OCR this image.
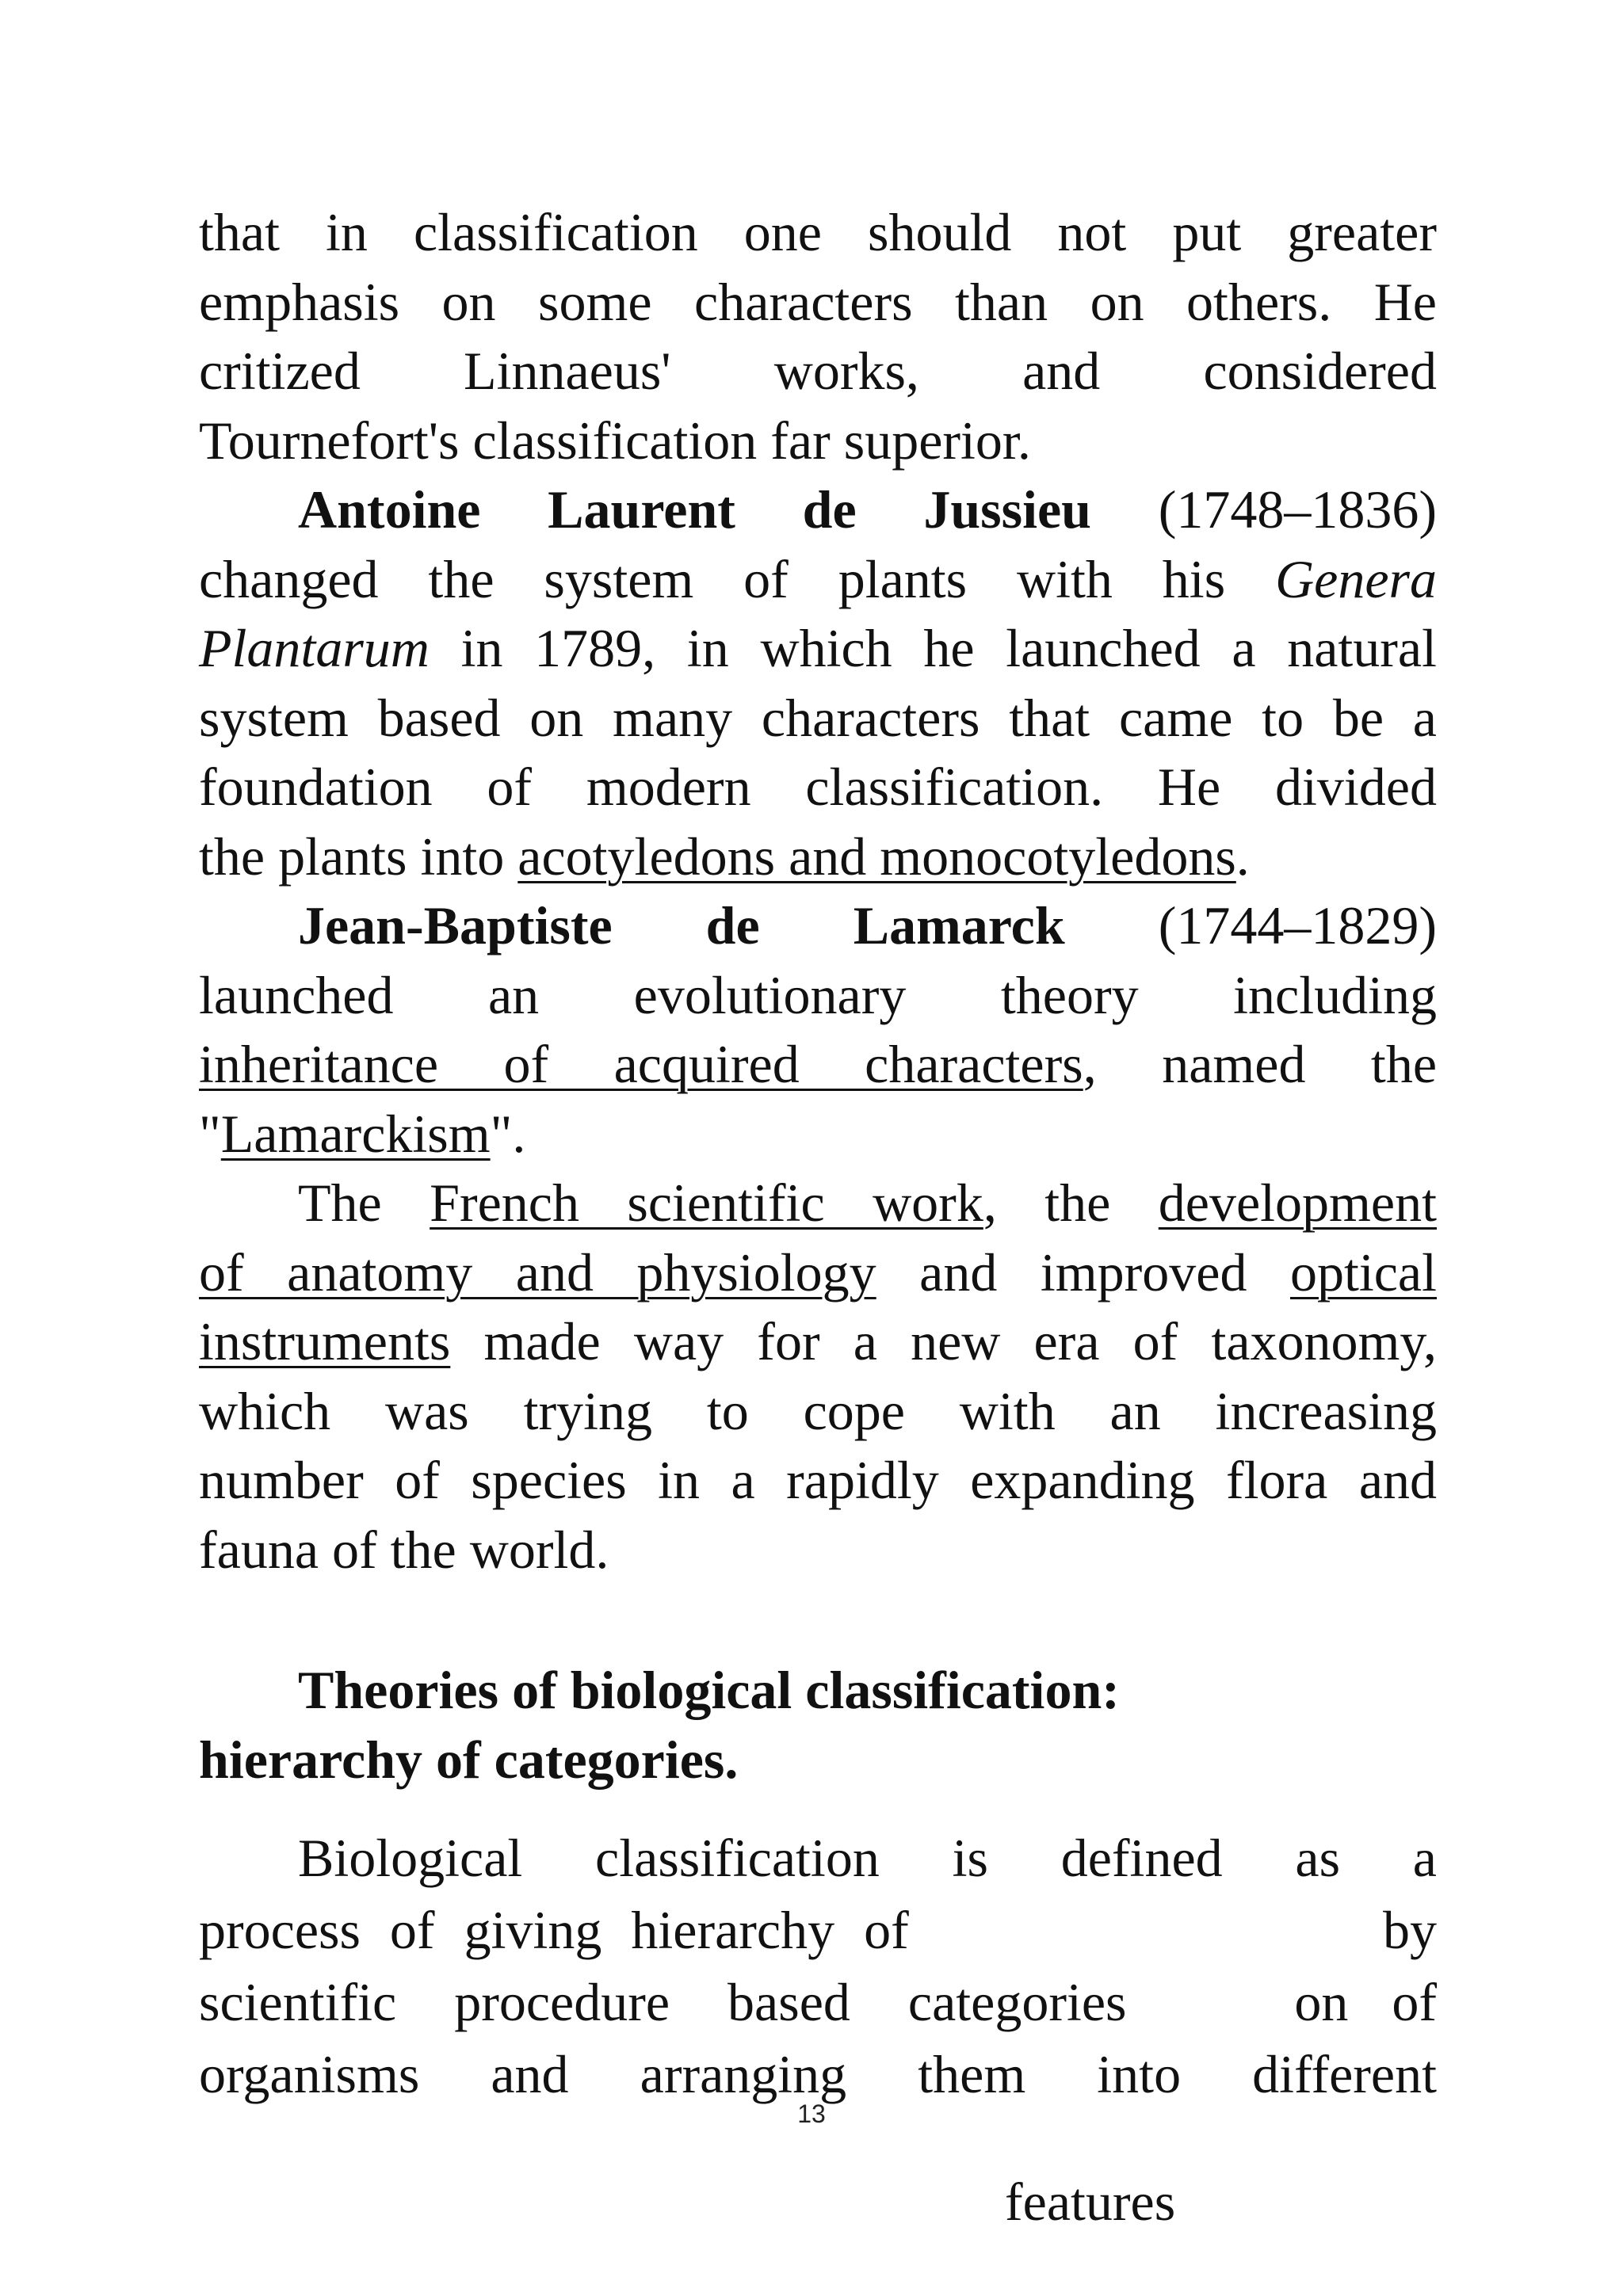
that in classification one should not put greater

emphasis on some characters than on others. He

critized Linnaeus' works, and considered

Tournefort's classification far superior.

Antoine Laurent de Jussieu (1748–1836)

changed the system of plants with his Genera

Plantarum in 1789, in which he launched a natural

system based on many characters that came to be a

foundation of modern classification. He divided

the plants into acotyledons and monocotyledons.

Jean-Baptiste de Lamarck (1744–1829)

launched an evolutionary theory including

inheritance of acquired characters, named the

"Lamarckism".

The French scientific work, the development

of anatomy and physiology and improved optical

instruments made way for a new era of taxonomy,

which was trying to cope with an increasing

number of species in a rapidly expanding flora and

fauna of the world.

Theories of biological classification:

hierarchy of categories.

Biological classification is defined as a

process of giving hierarchy of	by

scientific procedure based categories	on of

organisms and arranging them into different

13
features
